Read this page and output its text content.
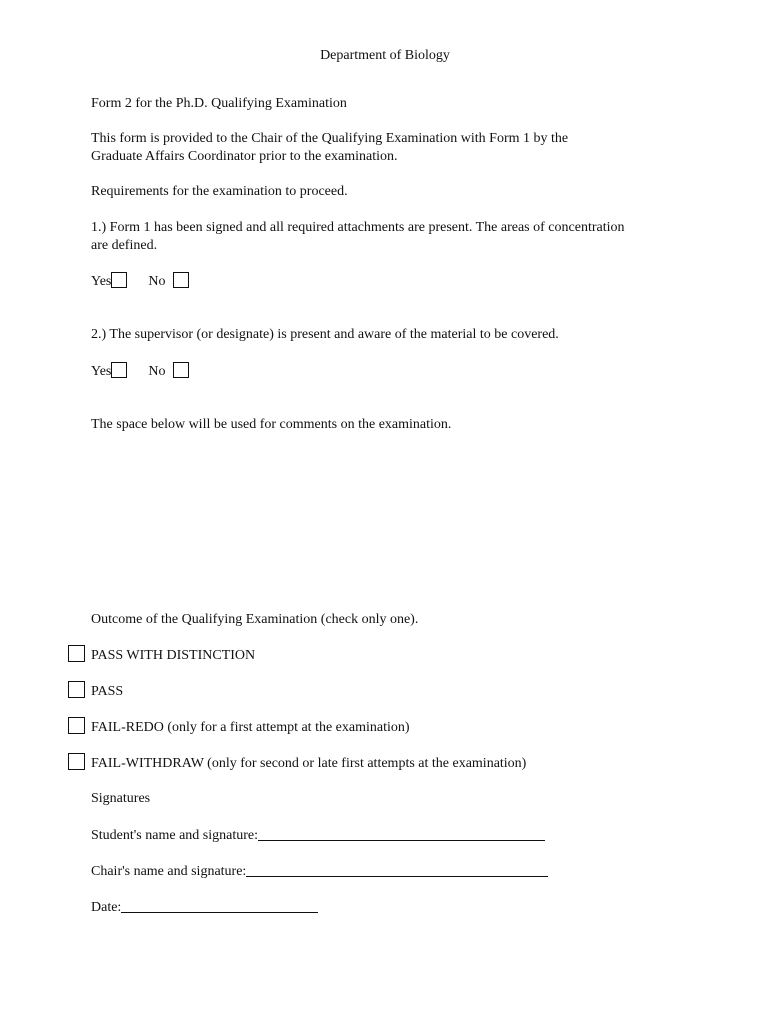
Department of Biology
Form 2 for the Ph.D. Qualifying Examination
This form is provided to the Chair of the Qualifying Examination with Form 1 by the
Graduate Affairs Coordinator prior to the examination.
Requirements for the examination to proceed.
1.) Form 1 has been signed and all required attachments are present. The areas of concentration
are defined.
Yes	No
2.) The supervisor (or designate) is present and aware of the material to be covered.
Yes	No
The space below will be used for comments on the examination.
Outcome of the Qualifying Examination (check only one).
PASS WITH DISTINCTION
PASS
FAIL-REDO (only for a first attempt at the examination)
FAIL-WITHDRAW (only for second or late first attempts at the examination)
Signatures
Student's name and signature:
Chair's name and signature:
Date:
